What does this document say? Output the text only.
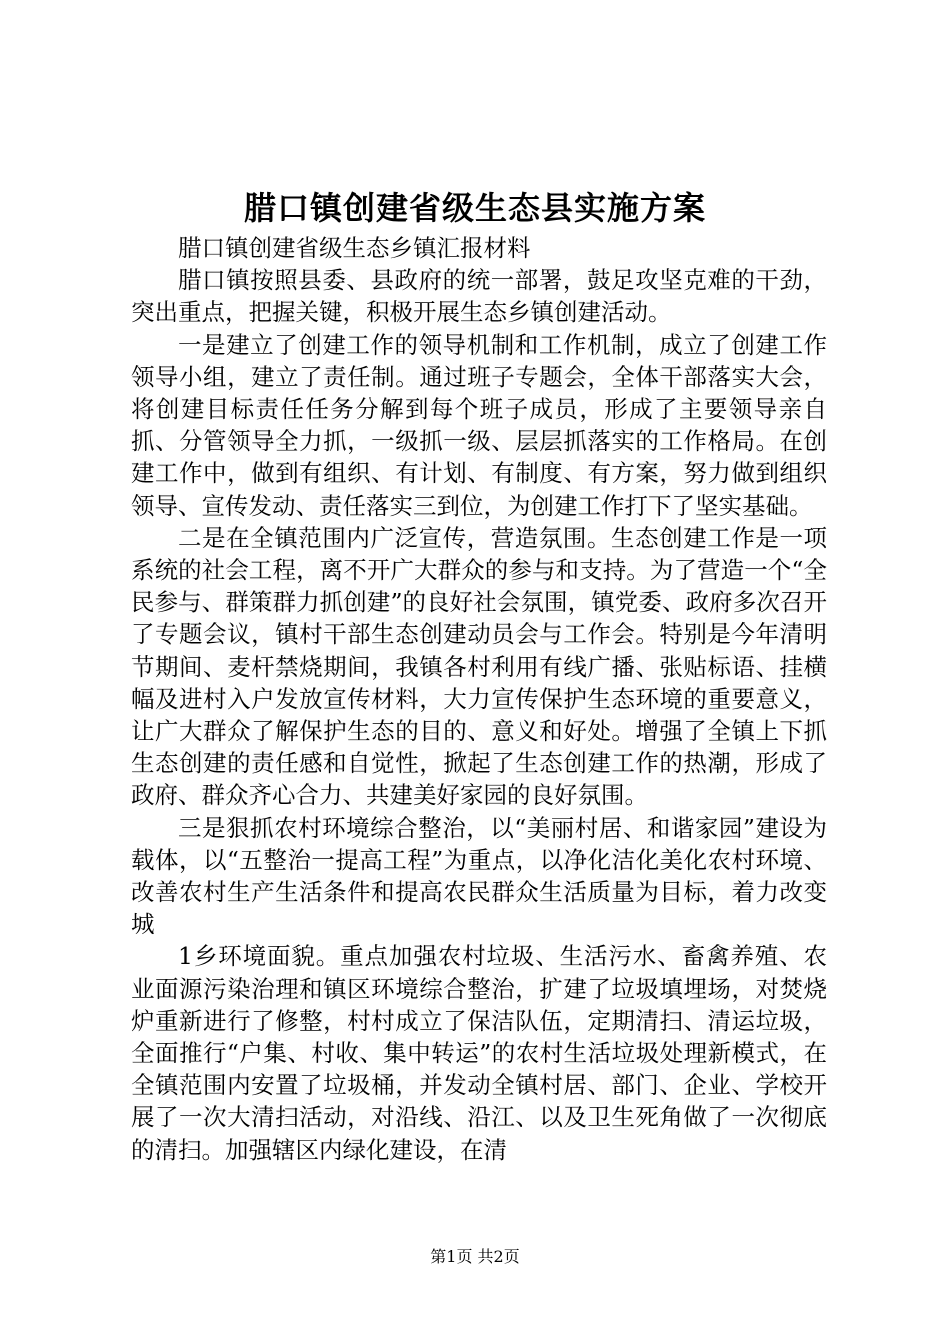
腊口镇创建省级生态县实施方案

腊口镇创建省级生态乡镇汇报材料

腊口镇按照县委、县政府的统一部署，鼓足攻坚克难的干劲，突出重点，把握关键，积极开展生态乡镇创建活动。

一是建立了创建工作的领导机制和工作机制，成立了创建工作领导小组，建立了责任制。通过班子专题会，全体干部落实大会，将创建目标责任任务分解到每个班子成员，形成了主要领导亲自抓、分管领导全力抓，一级抓一级、层层抓落实的工作格局。在创建工作中，做到有组织、有计划、有制度、有方案，努力做到组织领导、宣传发动、责任落实三到位，为创建工作打下了坚实基础。

二是在全镇范围内广泛宣传，营造氛围。生态创建工作是一项系统的社会工程，离不开广大群众的参与和支持。为了营造一个“全民参与、群策群力抓创建”的良好社会氛围，镇党委、政府多次召开了专题会议，镇村干部生态创建动员会与工作会。特别是今年清明节期间、麦杆禁烧期间，我镇各村利用有线广播、张贴标语、挂横幅及进村入户发放宣传材料，大力宣传保护生态环境的重要意义，让广大群众了解保护生态的目的、意义和好处。增强了全镇上下抓生态创建的责任感和自觉性，掀起了生态创建工作的热潮，形成了政府、群众齐心合力、共建美好家园的良好氛围。

三是狠抓农村环境综合整治，以“美丽村居、和谐家园”建设为载体，以“五整治一提高工程”为重点，以净化洁化美化农村环境、改善农村生产生活条件和提高农民群众生活质量为目标，着力改变城

1乡环境面貌。重点加强农村垃圾、生活污水、畜禽养殖、农业面源污染治理和镇区环境综合整治，扩建了垃圾填埋场，对焚烧炉重新进行了修整，村村成立了保洁队伍，定期清扫、清运垃圾，全面推行“户集、村收、集中转运”的农村生活垃圾处理新模式，在全镇范围内安置了垃圾桶，并发动全镇村居、部门、企业、学校开展了一次大清扫活动，对沿线、沿江、以及卫生死角做了一次彻底的清扫。加强辖区内绿化建设，在清

第1页 共2页
